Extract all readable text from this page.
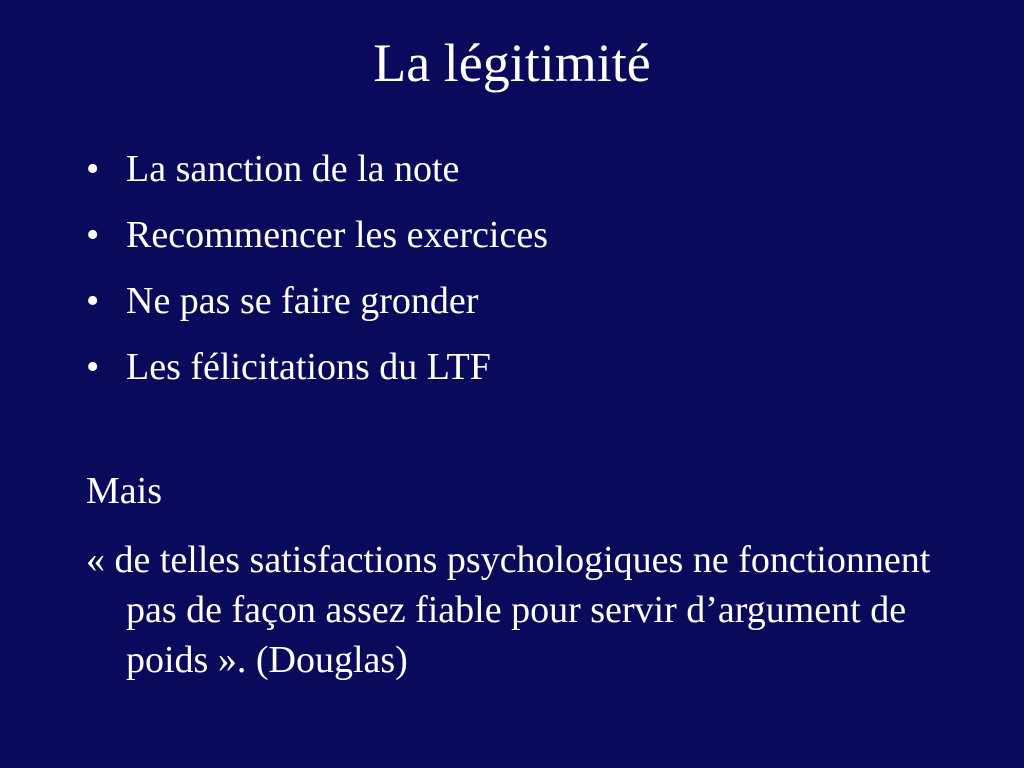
La légitimité
• La sanction de la note
• Recommencer les exercices
• Ne pas se faire gronder
• Les félicitations du LTF

Mais

« de telles satisfactions psychologiques ne fonctionnent pas de façon assez fiable pour servir d’argument de poids ». (Douglas)
